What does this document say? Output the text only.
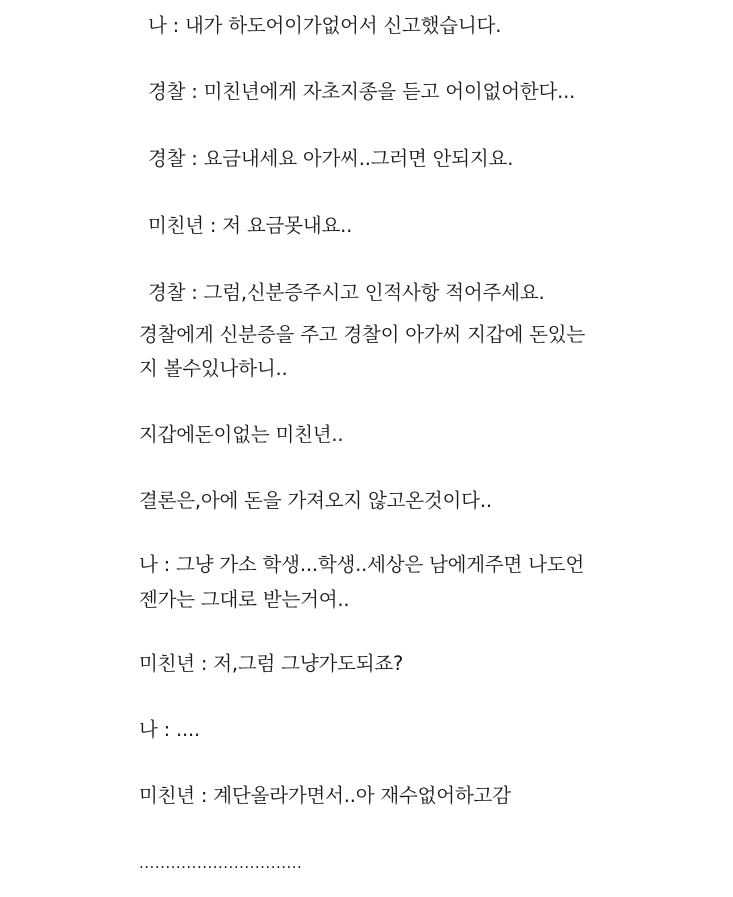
나 : 내가 하도어이가없어서 신고했습니다.

경찰 : 미친년에게 자초지종을 듣고 어이없어한다...

경찰 : 요금내세요 아가씨..그러면 안되지요.

미친년 : 저 요금못내요..

경찰 : 그럼,신분증주시고 인적사항 적어주세요.

경찰에게 신분증을 주고 경찰이 아가씨 지갑에 돈있는

지 볼수있나하니..

지갑에돈이없는 미친년..

결론은,아에 돈을 가져오지 않고온것이다..

나 : 그냥 가소 학생...학생..세상은 남에게주면 나도언

젠가는 그대로 받는거여..

미친년 : 저,그럼 그냥가도되죠?

나 : ....

미친년 : 계단올라가면서..아 재수없어하고감

...............................
